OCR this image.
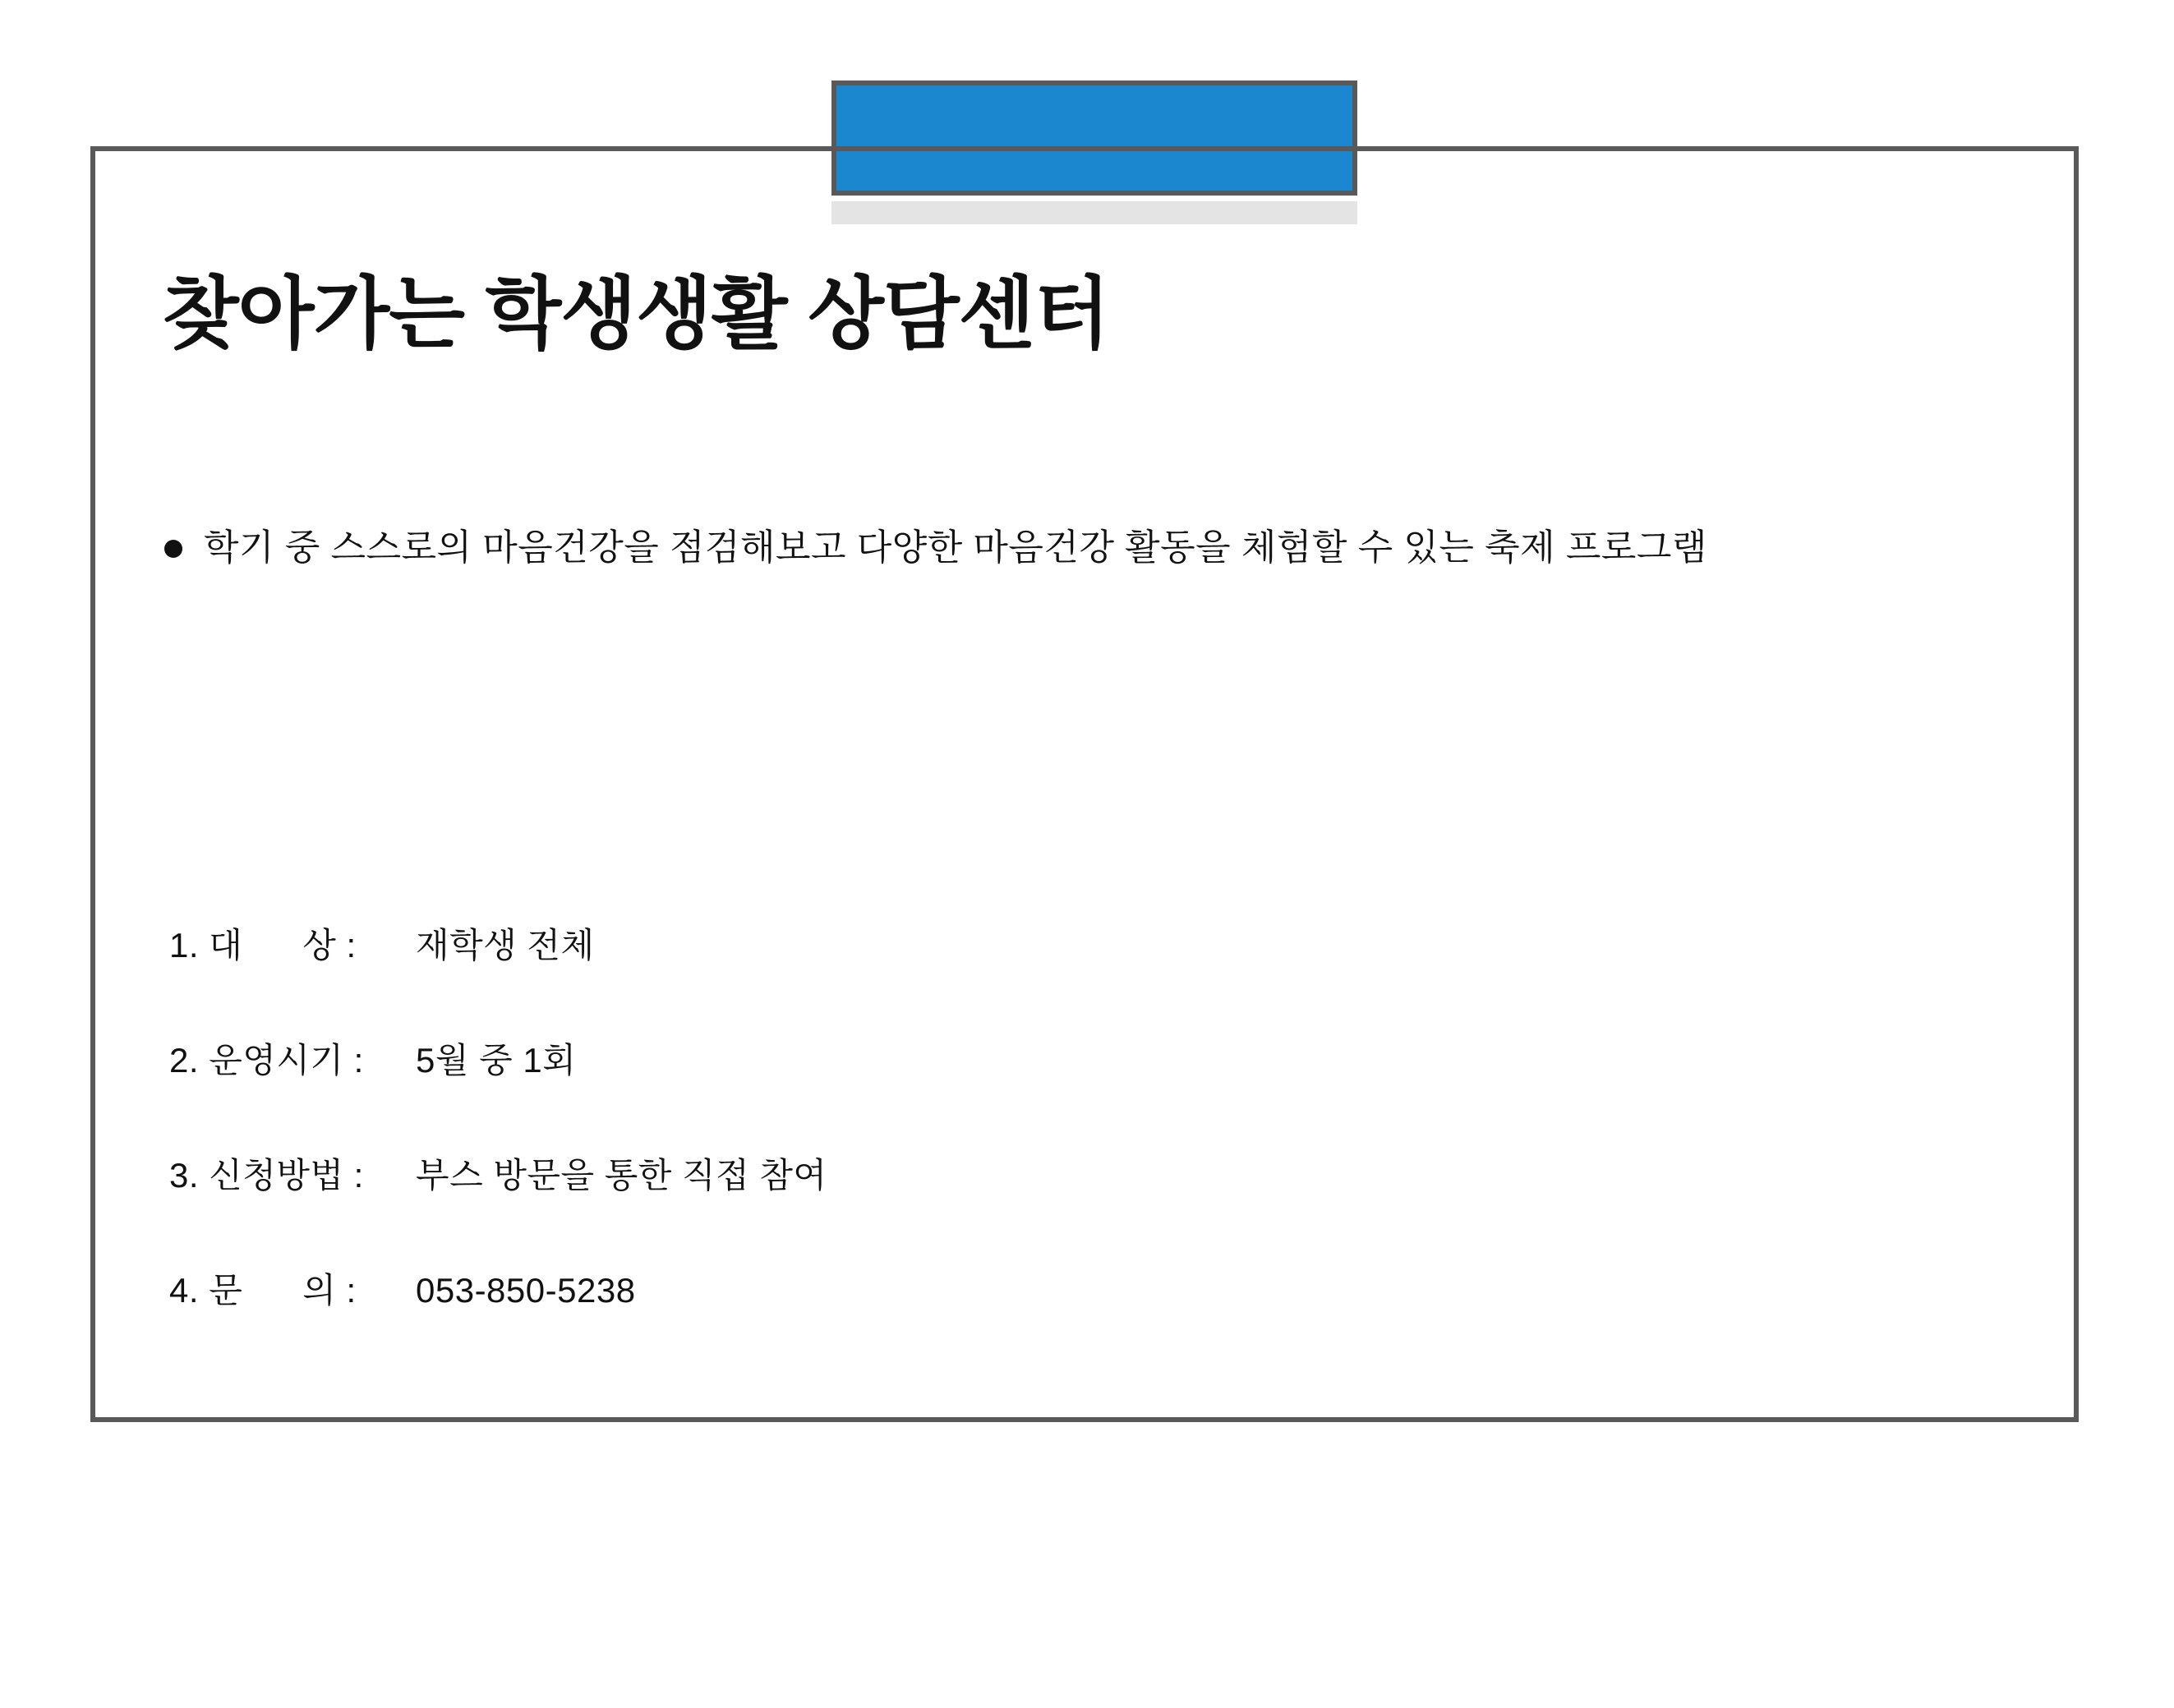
찾아가는 학생생활 상담센터
학기 중 스스로의 마음건강을 점검해보고 다양한 마음건강 활동을 체험할 수 있는 축제 프로그램
1. 대      상 :	재학생 전체
2. 운영시기 :	5월 중 1회
3. 신청방법 :	부스 방문을 통한 직접 참여
4. 문      의 :	053-850-5238
